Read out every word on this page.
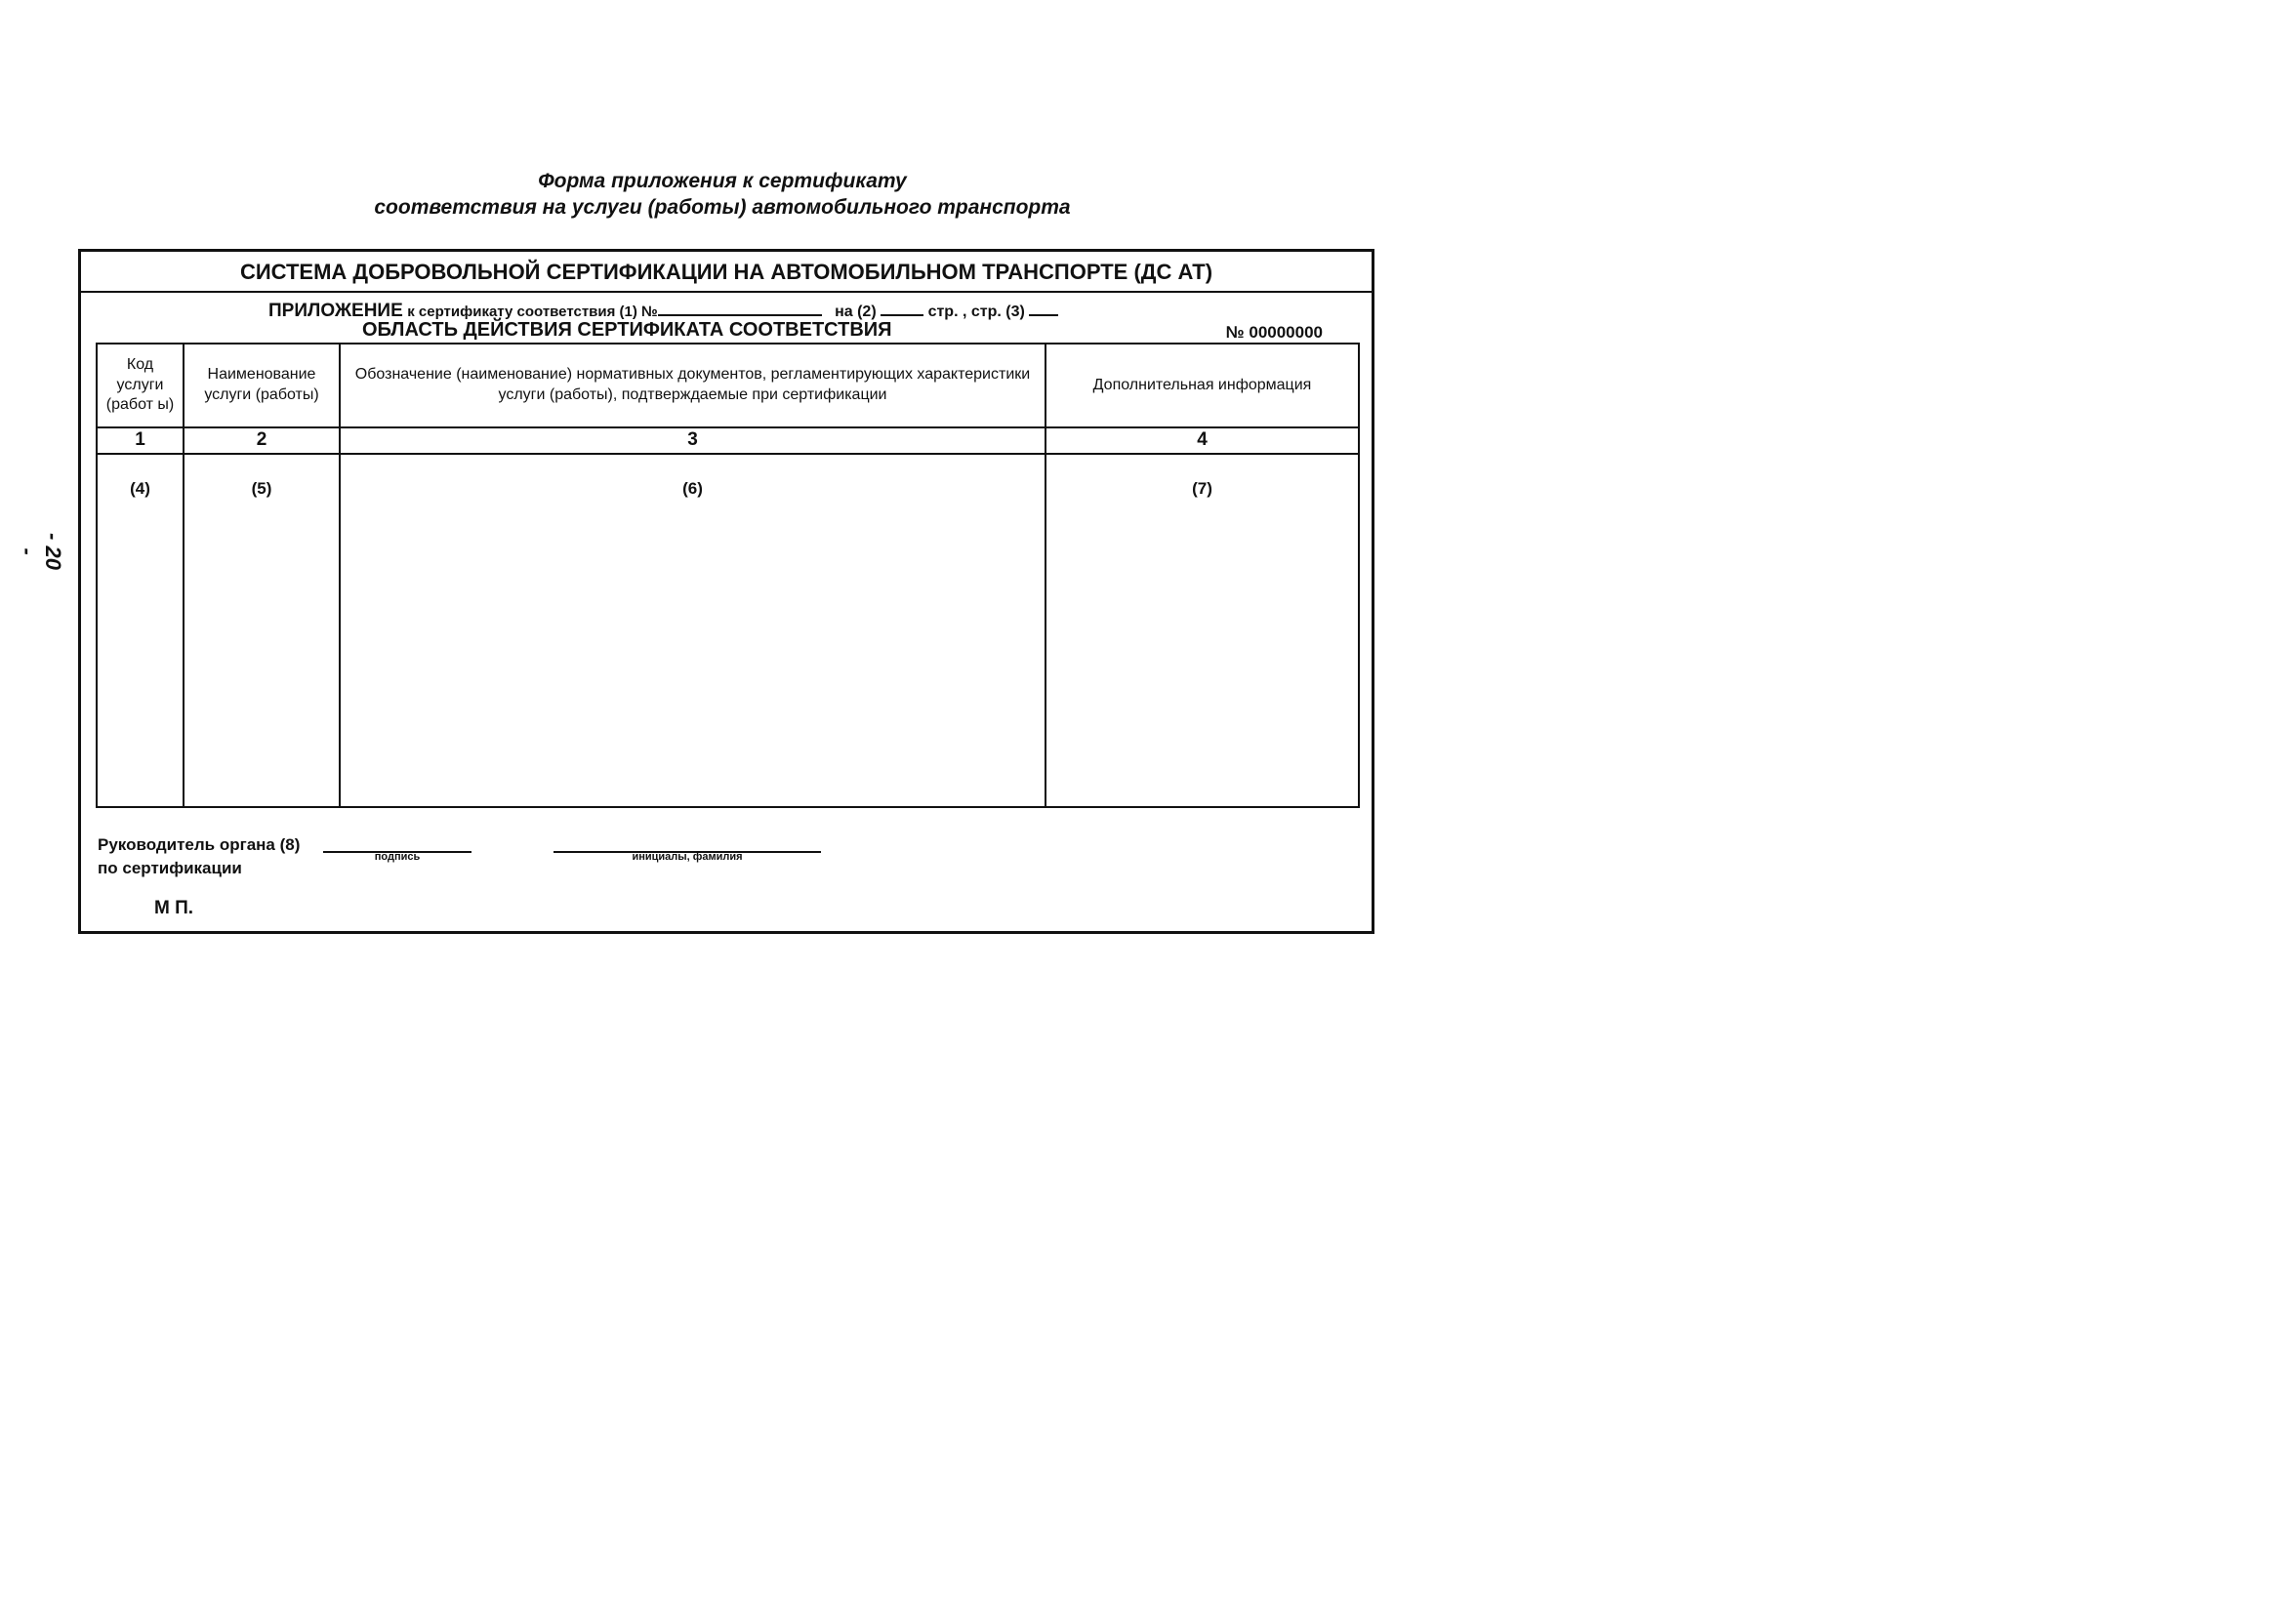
Форма приложения к сертификату
соответствия на услуги (работы) автомобильного транспорта
- 20 -
СИСТЕМА ДОБРОВОЛЬНОЙ СЕРТИФИКАЦИИ НА АВТОМОБИЛЬНОМ ТРАНСПОРТЕ (ДС АТ)
ПРИЛОЖЕНИЕ к сертификату соответствия (1) №	на (2)	стр. , стр. (3)
ОБЛАСТЬ ДЕЙСТВИЯ СЕРТИФИКАТА СООТВЕТСТВИЯ	№ 00000000
Код услуги (работ ы)	Наименование услуги (работы)	Обозначение (наименование) нормативных документов, регламентирующих характеристики услуги (работы), подтверждаемые при сертификации	Дополнительная информация
1	2	3	4
(4)	(5)	(6)	(7)
Руководитель органа (8)
по сертификации
подпись	инициалы, фамилия
М П.
